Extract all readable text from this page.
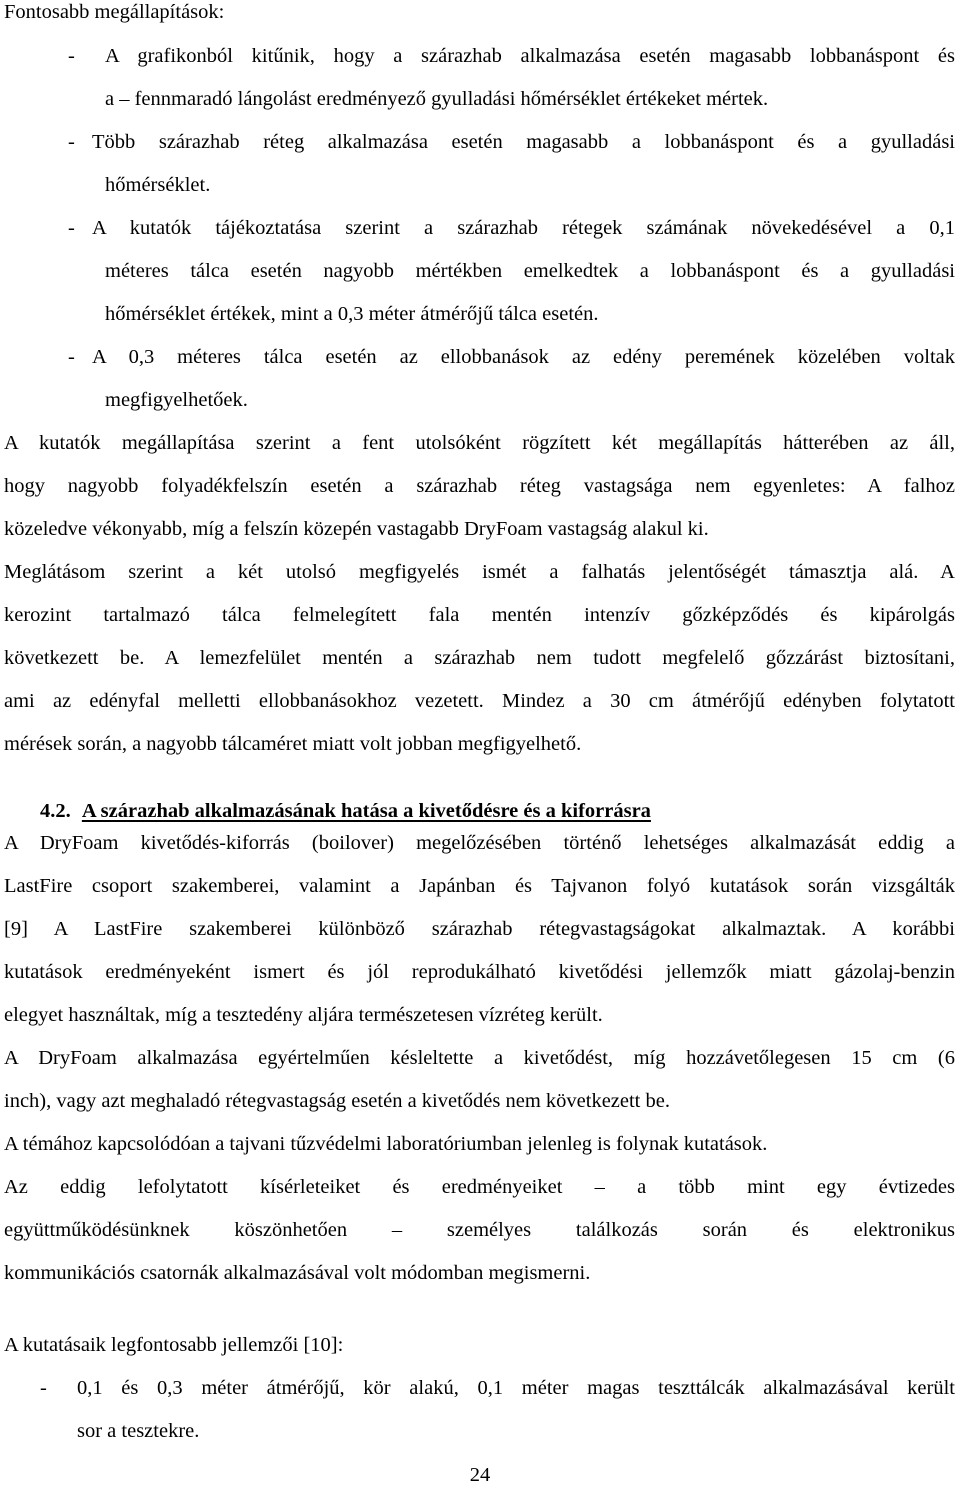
Fontosabb megállapítások:
- A grafikonból kitűnik, hogy a szárazhab alkalmazása esetén magasabb lobbanáspont és
a – fennmaradó lángolást eredményező gyulladási hőmérséklet értékeket mértek.
- Több szárazhab réteg alkalmazása esetén magasabb a lobbanáspont és a gyulladási
hőmérséklet.
- A kutatók tájékoztatása szerint a szárazhab rétegek számának növekedésével a 0,1
méteres tálca esetén nagyobb mértékben emelkedtek a lobbanáspont és a gyulladási
hőmérséklet értékek, mint a 0,3 méter átmérőjű tálca esetén.
- A 0,3 méteres tálca esetén az ellobbanások az edény peremének közelében voltak
megfigyelhetőek.
A kutatók megállapítása szerint a fent utolsóként rögzített két megállapítás hátterében az áll,
hogy nagyobb folyadékfelszín esetén a szárazhab réteg vastagsága nem egyenletes: A falhoz
közeledve vékonyabb, míg a felszín közepén vastagabb DryFoam vastagság alakul ki.
Meglátásom szerint a két utolsó megfigyelés ismét a falhatás jelentőségét támasztja alá. A
kerozint tartalmazó tálca felmelegített fala mentén intenzív gőzképződés és kipárolgás
következett be. A lemezfelület mentén a szárazhab nem tudott megfelelő gőzzárást biztosítani,
ami az edényfal melletti ellobbanásokhoz vezetett. Mindez a 30 cm átmérőjű edényben folytatott
mérések során, a nagyobb tálcaméret miatt volt jobban megfigyelhető.
4.2. A szárazhab alkalmazásának hatása a kivetődésre és a kiforrásra
A DryFoam kivetődés-kiforrás (boilover) megelőzésében történő lehetséges alkalmazását eddig a
LastFire csoport szakemberei, valamint a Japánban és Tajvanon folyó kutatások során vizsgálták
[9] A LastFire szakemberei különböző szárazhab rétegvastagságokat alkalmaztak. A korábbi
kutatások eredményeként ismert és jól reprodukálható kivetődési jellemzők miatt gázolaj-benzin
elegyet használtak, míg a tesztedény aljára természetesen vízréteg került.
A DryFoam alkalmazása egyértelműen késleltette a kivetődést, míg hozzávetőlegesen 15 cm (6
inch), vagy azt meghaladó rétegvastagság esetén a kivetődés nem következett be.
A témához kapcsolódóan a tajvani tűzvédelmi laboratóriumban jelenleg is folynak kutatások.
Az eddig lefolytatott kísérleteiket és eredményeiket – a több mint egy évtizedes
együttműködésünknek köszönhetően – személyes találkozás során és elektronikus
kommunikációs csatornák alkalmazásával volt módomban megismerni.
A kutatásaik legfontosabb jellemzői [10]:
- 0,1 és 0,3 méter átmérőjű, kör alakú, 0,1 méter magas teszttálcák alkalmazásával került
sor a tesztekre.
24
